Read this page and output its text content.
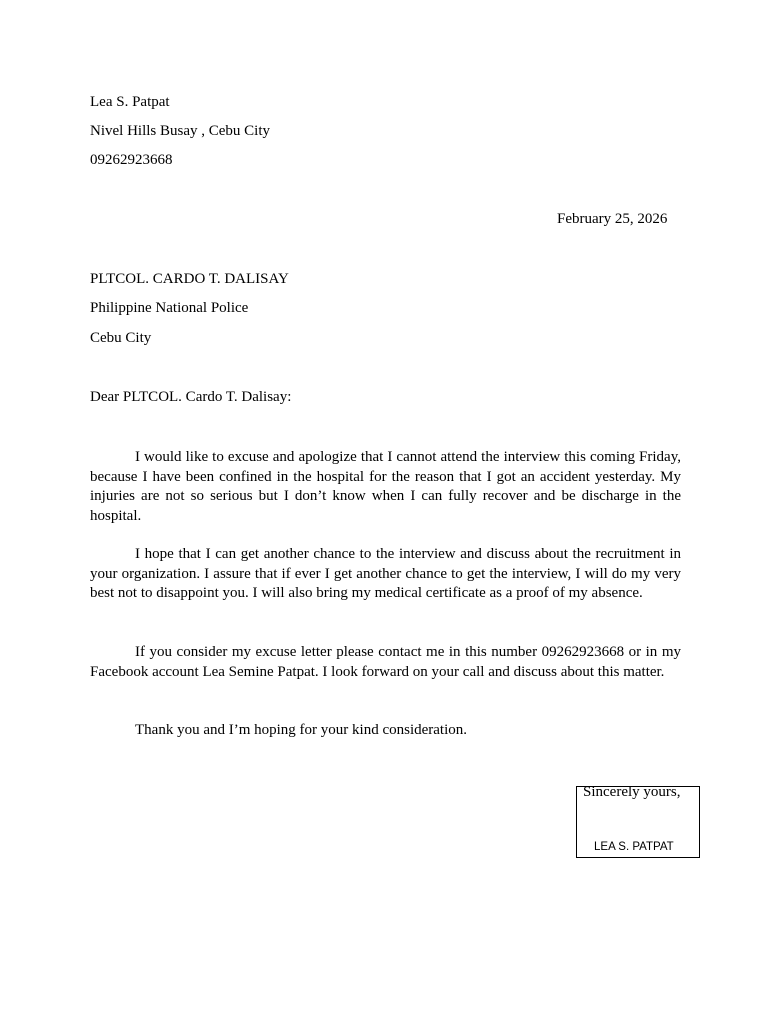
Lea S. Patpat
Nivel Hills Busay , Cebu City
09262923668
February 25, 2026
PLTCOL. CARDO T. DALISAY
Philippine National Police
Cebu City
Dear PLTCOL. Cardo T. Dalisay:
I would like to excuse and apologize that I cannot attend the interview this coming Friday, because I have been confined in the hospital for the reason that I got an accident yesterday. My injuries are not so serious but I don’t know when I can fully recover and be discharge in the hospital.
I hope that I can get another chance to the interview and discuss about the recruitment in your organization. I assure that if ever I get another chance to get the interview, I will do my very best not to disappoint you. I will also bring my medical certificate as a proof of my absence.
If you consider my excuse letter please contact me in this number 09262923668 or in my Facebook account Lea Semine Patpat. I look forward on your call and discuss about this matter.
Thank you and I’m hoping for your kind consideration.
Sincerely yours,
LEA S. PATPAT
